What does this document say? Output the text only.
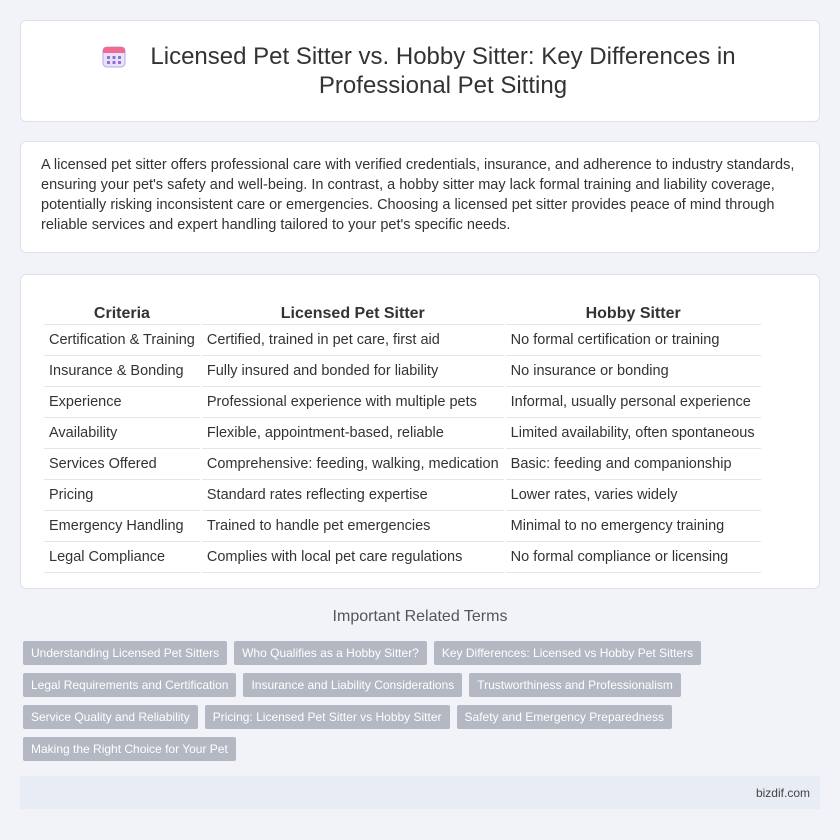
Licensed Pet Sitter vs. Hobby Sitter: Key Differences in Professional Pet Sitting

A licensed pet sitter offers professional care with verified credentials, insurance, and adherence to industry standards, ensuring your pet's safety and well-being. In contrast, a hobby sitter may lack formal training and liability coverage, potentially risking inconsistent care or emergencies. Choosing a licensed pet sitter provides peace of mind through reliable services and expert handling tailored to your pet's specific needs.

Criteria	Licensed Pet Sitter	Hobby Sitter
Certification & Training	Certified, trained in pet care, first aid	No formal certification or training
Insurance & Bonding	Fully insured and bonded for liability	No insurance or bonding
Experience	Professional experience with multiple pets	Informal, usually personal experience
Availability	Flexible, appointment-based, reliable	Limited availability, often spontaneous
Services Offered	Comprehensive: feeding, walking, medication	Basic: feeding and companionship
Pricing	Standard rates reflecting expertise	Lower rates, varies widely
Emergency Handling	Trained to handle pet emergencies	Minimal to no emergency training
Legal Compliance	Complies with local pet care regulations	No formal compliance or licensing
Important Related Terms
Understanding Licensed Pet Sitters	Who Qualifies as a Hobby Sitter?	Key Differences: Licensed vs Hobby Pet Sitters
Legal Requirements and Certification	Insurance and Liability Considerations	Trustworthiness and Professionalism
Service Quality and Reliability	Pricing: Licensed Pet Sitter vs Hobby Sitter	Safety and Emergency Preparedness
Making the Right Choice for Your Pet
bizdif.com
